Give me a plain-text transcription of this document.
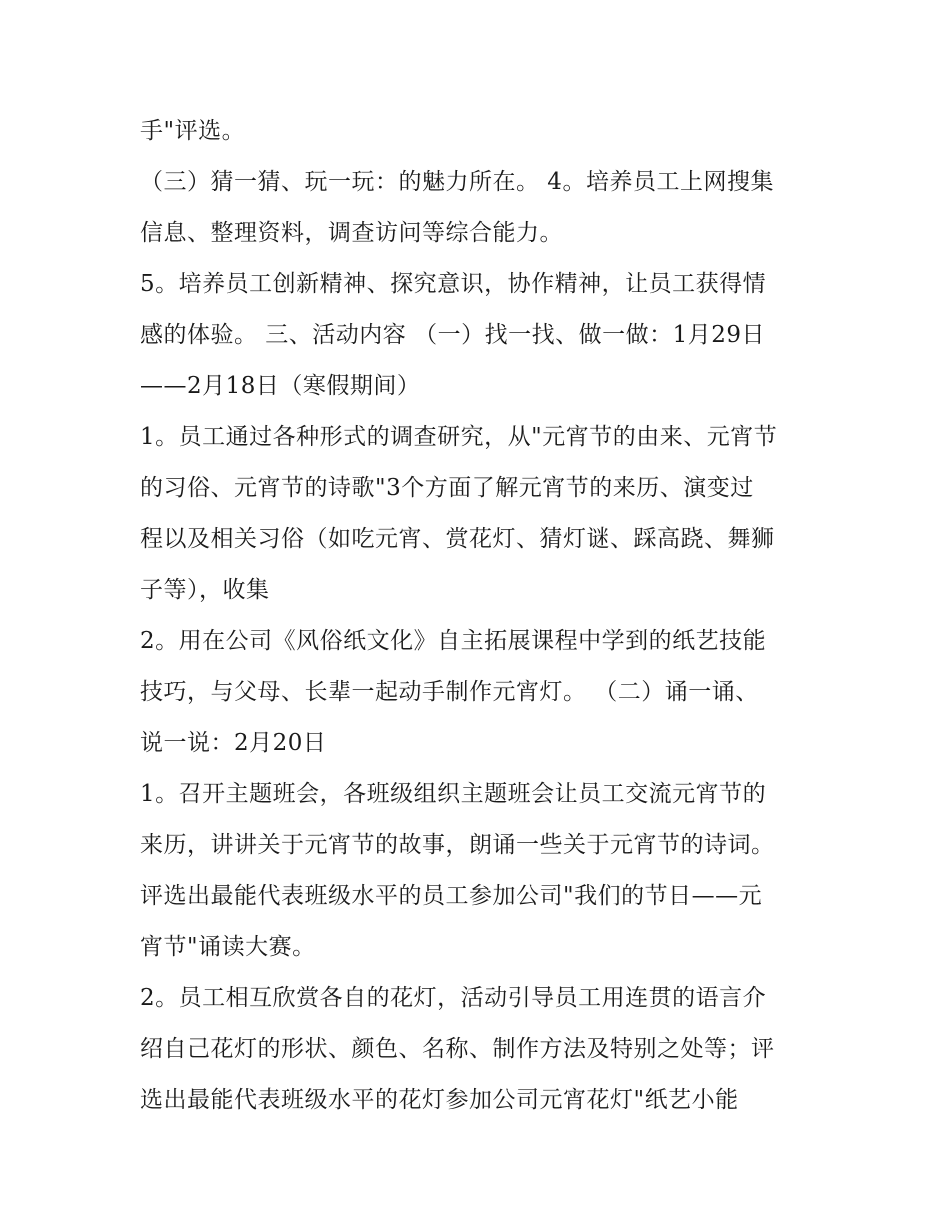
手"评选。
（三）猜一猜、玩一玩：的魅力所在。 4。培养员工上网搜集
信息、整理资料，调查访问等综合能力。
5。培养员工创新精神、探究意识，协作精神，让员工获得情
感的体验。 三、活动内容 （一）找一找、做一做：1月29日
——2月18日（寒假期间）
1。员工通过各种形式的调查研究，从"元宵节的由来、元宵节
的习俗、元宵节的诗歌"3个方面了解元宵节的来历、演变过
程以及相关习俗（如吃元宵、赏花灯、猜灯谜、踩高跷、舞狮
子等），收集
2。用在公司《风俗纸文化》自主拓展课程中学到的纸艺技能
技巧，与父母、长辈一起动手制作元宵灯。 （二）诵一诵、
说一说：2月20日
1。召开主题班会，各班级组织主题班会让员工交流元宵节的
来历，讲讲关于元宵节的故事，朗诵一些关于元宵节的诗词。
评选出最能代表班级水平的员工参加公司"我们的节日——元
宵节"诵读大赛。
2。员工相互欣赏各自的花灯，活动引导员工用连贯的语言介
绍自己花灯的形状、颜色、名称、制作方法及特别之处等；评
选出最能代表班级水平的花灯参加公司元宵花灯"纸艺小能
